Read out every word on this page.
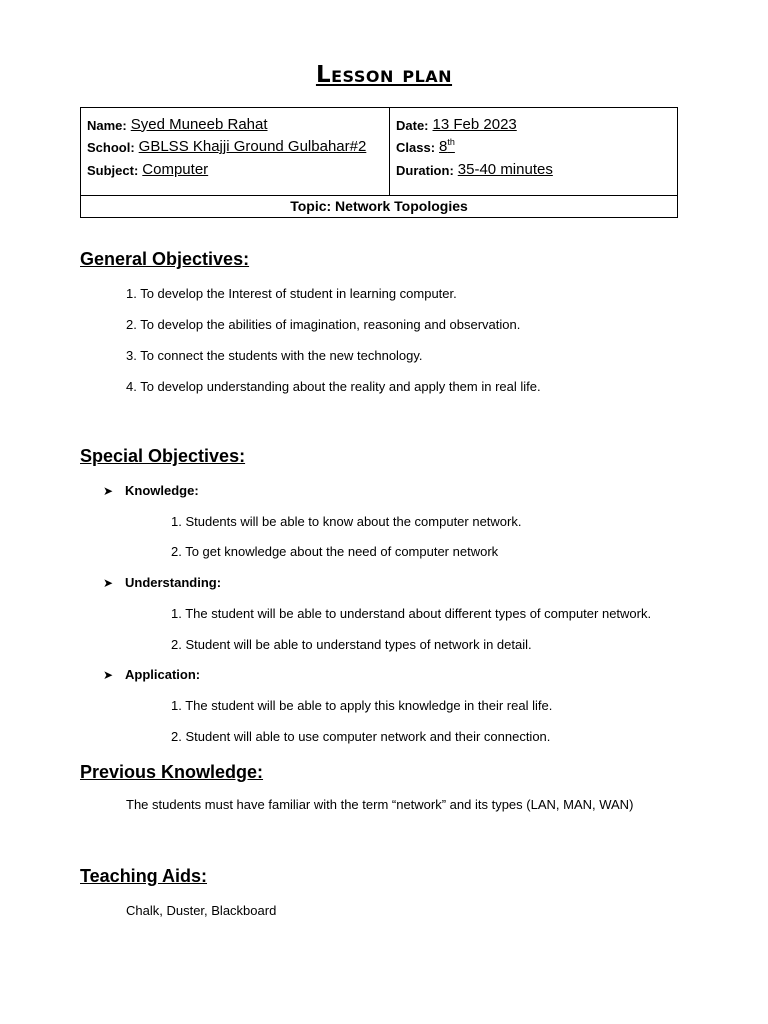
Lesson plan
Name: Syed Muneeb Rahat
School: GBLSS Khajji Ground Gulbahar#2
Subject: Computer

Date: 13 Feb 2023
Class: 8th
Duration: 35-40 minutes

Topic: Network Topologies
General Objectives:
1. To develop the Interest of student in learning computer.
2. To develop the abilities of imagination, reasoning and observation.
3. To connect the students with the new technology.
4. To develop understanding about the reality and apply them in real life.
Special Objectives:
➤ Knowledge:
1. Students will be able to know about the computer network.
2. To get knowledge about the need of computer network
➤ Understanding:
1. The student will be able to understand about different types of computer network.
2. Student will be able to understand types of network in detail.
➤ Application:
1. The student will be able to apply this knowledge in their real life.
2. Student will able to use computer network and their connection.
Previous Knowledge:
The students must have familiar with the term “network” and its types (LAN, MAN, WAN)
Teaching Aids:
Chalk, Duster, Blackboard
